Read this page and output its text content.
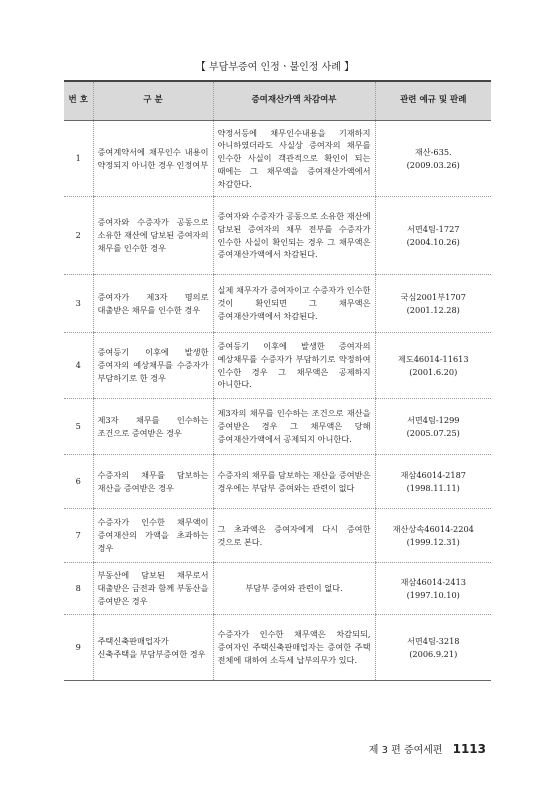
【 부담부증여 인정ㆍ불인정 사례 】
번 호	구 분	증여재산가액 차감여부	관련 예규 및 판례
1	증여계약서에 채무인수 내용이 약정되지 아니한 경우 인정여부	약정서등에 채무인수내용을 기재하지 아니하였더라도 사실상 증여자의 채무를 인수한 사실이 객관적으로 확인이 되는 때에는 그 채무액을 증여재산가액에서 차감한다.	재산-635.
(2009.03.26)
2	증여자와 수증자가 공동으로 소유한 재산에 담보된 증여자의 채무를 인수한 경우	증여자와 수증자가 공동으로 소유한 재산에 담보된 증여자의 채무 전부를 수증자가 인수한 사실이 확인되는 경우 그 채무액은 증여재산가액에서 차감된다.	서면4팀-1727
(2004.10.26)
3	증여자가 제3자 명의로 대출받은 채무를 인수한 경우	실제 채무자가 증여자이고 수증자가 인수한 것이 확인되면 그 채무액은 증여재산가액에서 차감된다.	국심2001부1707
(2001.12.28)
4	증여등기 이후에 발생한 증여자의 예상채무를 수증자가 부담하기로 한 경우	증여등기 이후에 발생한 증여자의 예상채무를 수증자가 부담하기로 약정하여 인수한 경우 그 채무액은 공제하지 아니한다.	제도46014-11613
(2001.6.20)
5	제3자 채무를 인수하는 조건으로 증여받은 경우	제3자의 채무를 인수하는 조건으로 재산을 증여받은 경우 그 채무액은 당해 증여재산가액에서 공제되지 아니한다.	서면4팀-1299
(2005.07.25)
6	수증자의 채무를 담보하는 재산을 증여받은 경우	수증자의 채무를 담보하는 재산을 증여받은 경우에는 부담부 증여와는 관련이 없다	재삼46014-2187
(1998.11.11)
7	수증자가 인수한 채무액이 증여재산의 가액을 초과하는 경우	그 초과액은 증여자에게 다시 증여한 것으로 본다.	재산상속46014-2204
(1999.12.31)
8	부동산에 담보된 채무로서 대출받은 금전과 함께 부동산을 증여받은 경우	부담부 증여와 관련이 없다.	재삼46014-2413
(1997.10.10)
9	주택신축판매업자가 신축주택을 부담부증여한 경우	수증자가 인수한 채무액은 차감되되, 증여자인 주택신축판매업자는 증여한 주택 전체에 대하여 소득세 납부의무가 있다.	서면4팀-3218
(2006.9.21)
제 3 편 증여세편 1113
